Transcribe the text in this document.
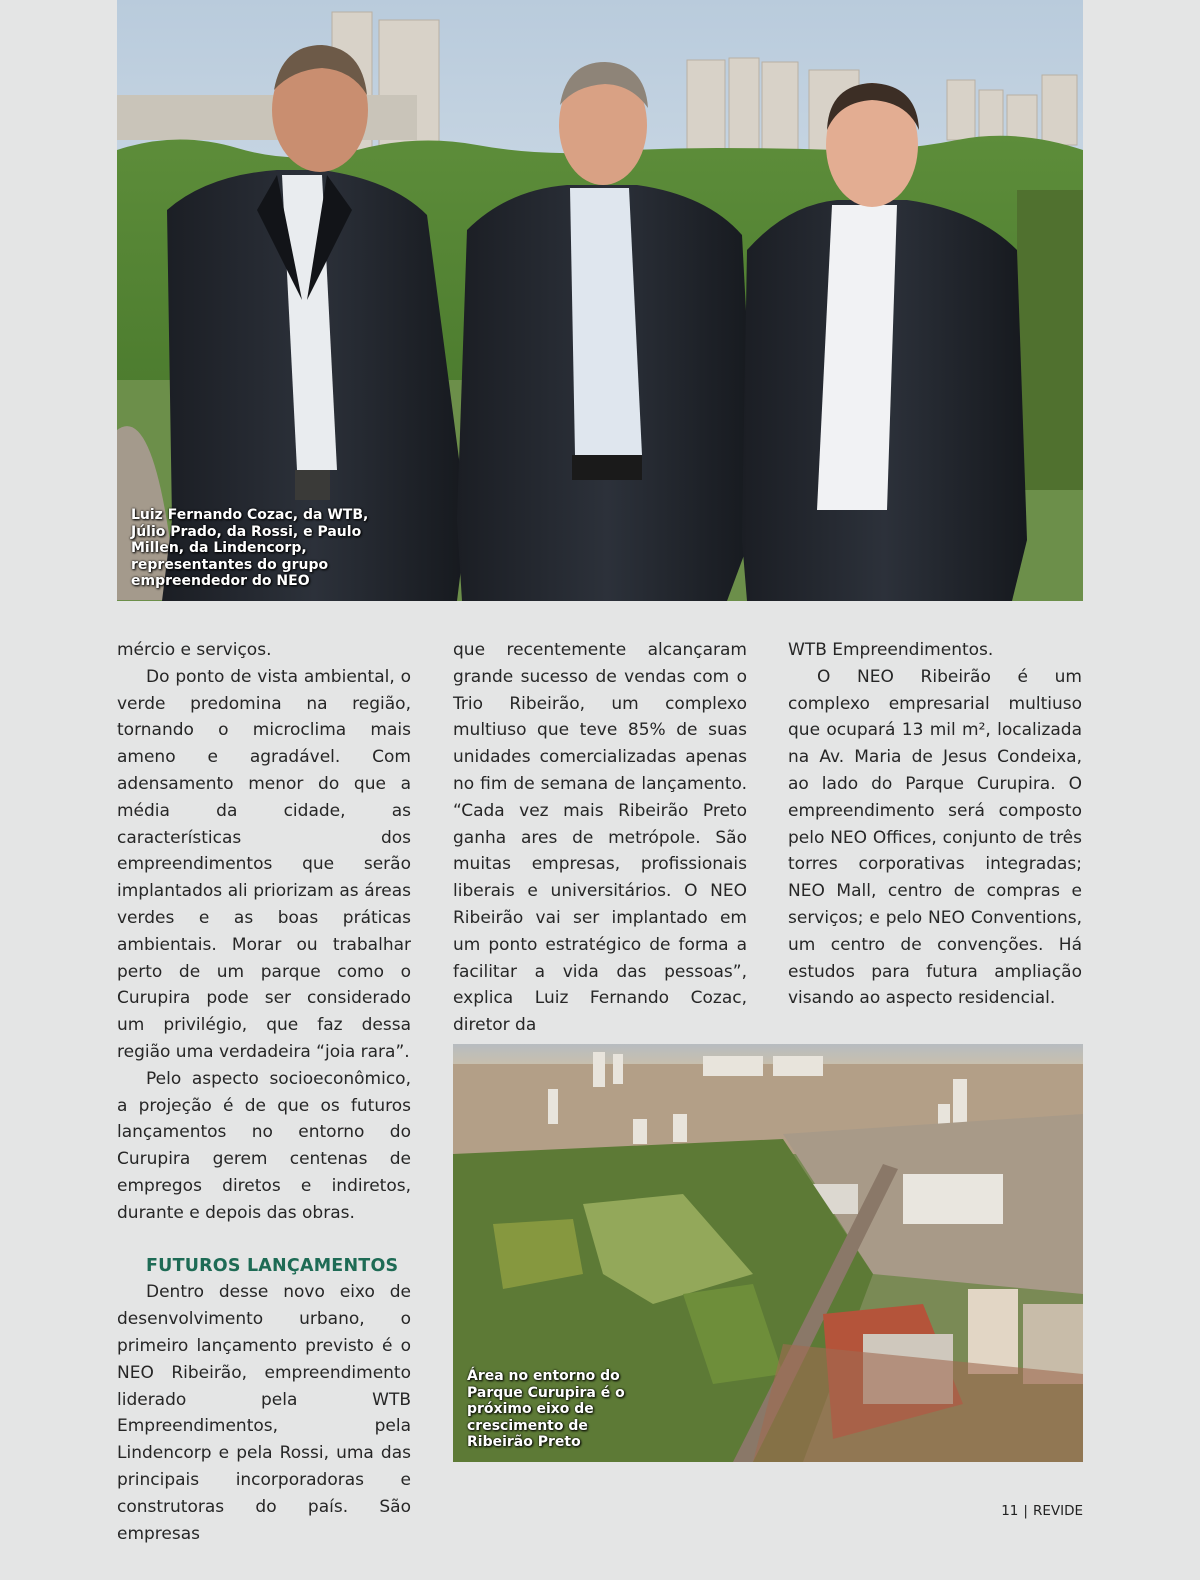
Luiz Fernando Cozac, da WTB, Júlio Prado, da Rossi, e Paulo Millen, da Lindencorp, representantes do grupo empreendedor do NEO

mércio e serviços.

Do ponto de vista ambiental, o verde predomina na região, tornando o microclima mais ameno e agradável. Com adensamento menor do que a média da cidade, as características dos empreendimentos que serão implantados ali priorizam as áreas verdes e as boas práticas ambientais. Morar ou trabalhar perto de um parque como o Curupira pode ser considerado um privilégio, que faz dessa região uma verdadeira “joia rara”.

Pelo aspecto socioeconômico, a projeção é de que os futuros lançamentos no entorno do Curupira gerem centenas de empregos diretos e indiretos, durante e depois das obras.

FUTUROS LANÇAMENTOS

Dentro desse novo eixo de desenvolvimento urbano, o primeiro lançamento previsto é o NEO Ribeirão, empreendimento liderado pela WTB Empreendimentos, pela Lindencorp e pela Rossi, uma das principais incorporadoras e construtoras do país. São empresas

que recentemente alcançaram grande sucesso de vendas com o Trio Ribeirão, um complexo multiuso que teve 85% de suas unidades comercializadas apenas no fim de semana de lançamento. “Cada vez mais Ribeirão Preto ganha ares de metrópole. São muitas empresas, profissionais liberais e universitários. O NEO Ribeirão vai ser implantado em um ponto estratégico de forma a facilitar a vida das pessoas”, explica Luiz Fernando Cozac, diretor da

WTB Empreendimentos.

O NEO Ribeirão é um complexo empresarial multiuso que ocupará 13 mil m², localizada na Av. Maria de Jesus Condeixa, ao lado do Parque Curupira. O empreendimento será composto pelo NEO Offices, conjunto de três torres corporativas integradas; NEO Mall, centro de compras e serviços; e pelo NEO Conventions, um centro de convenções. Há estudos para futura ampliação visando ao aspecto residencial.

Área no entorno do Parque Curupira é o próximo eixo de crescimento de Ribeirão Preto
11 | REVIDE
